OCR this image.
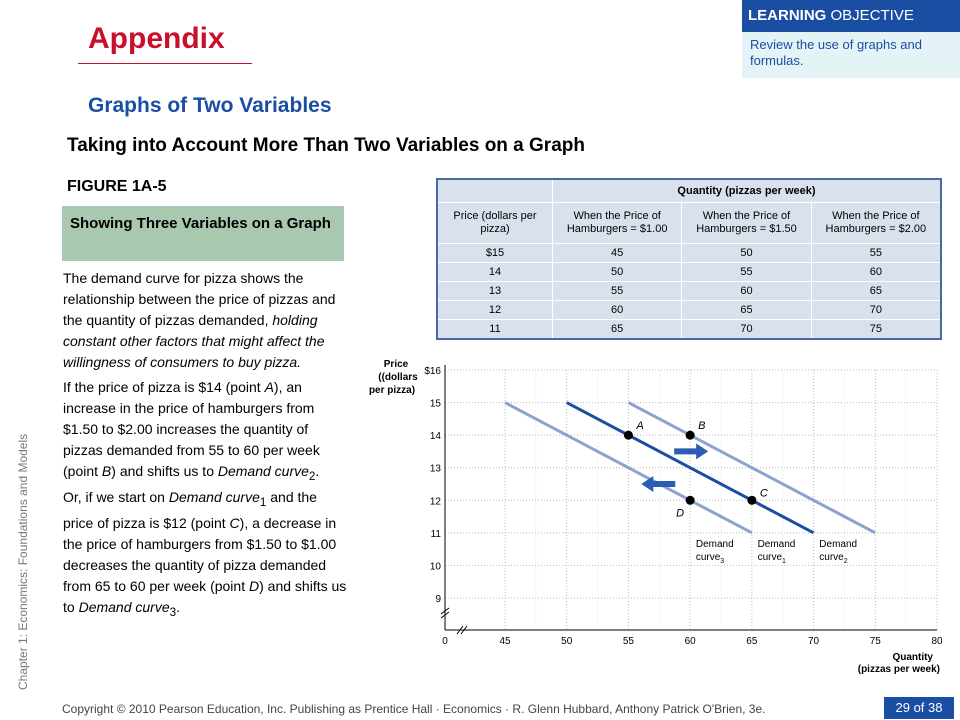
Appendix
LEARNING OBJECTIVE
Review the use of graphs and formulas.
Graphs of Two Variables
Taking into Account More Than Two Variables on a Graph
FIGURE 1A-5
Showing Three Variables on a Graph

The demand curve for pizza shows the relationship between the price of pizzas and the quantity of pizzas demanded, holding constant other factors that might affect the willingness of consumers to buy pizza.

If the price of pizza is $14 (point A), an increase in the price of hamburgers from $1.50 to $2.00 increases the quantity of pizzas demanded from 55 to 60 per week (point B) and shifts us to Demand curve$_2$.

Or, if we start on Demand curve$_1$ and the price of pizza is $12 (point C), a decrease in the price of hamburgers from $1.50 to $1.00 decreases the quantity of pizza demanded from 65 to 60 per week (point D) and shifts us to Demand curve$_3$.

	Quantity (pizzas per week)		
Price (dollars per pizza)	When the Price of Hamburgers = $1.00	When the Price of Hamburgers = $1.50	When the Price of Hamburgers = $2.00
$15	45	50	55
14	50	55	60
13	55	60	65
12	60	65	70
11	65	70	75
$16
15
14
13
12
11
10
9
0	45	50	55	60	65	70	75	80
Price
((dollars
per pizza)
Quantity
(pizzas per week)
Demand
curve$_3$
Demand
curve$_1$
Demand
curve$_2$
A	B
C
D
Chapter 1: Economics: Foundations and Models
Copyright © 2010 Pearson Education, Inc. Publishing as Prentice Hall · Economics · R. Glenn Hubbard, Anthony Patrick O'Brien, 3e.	29 of 38
